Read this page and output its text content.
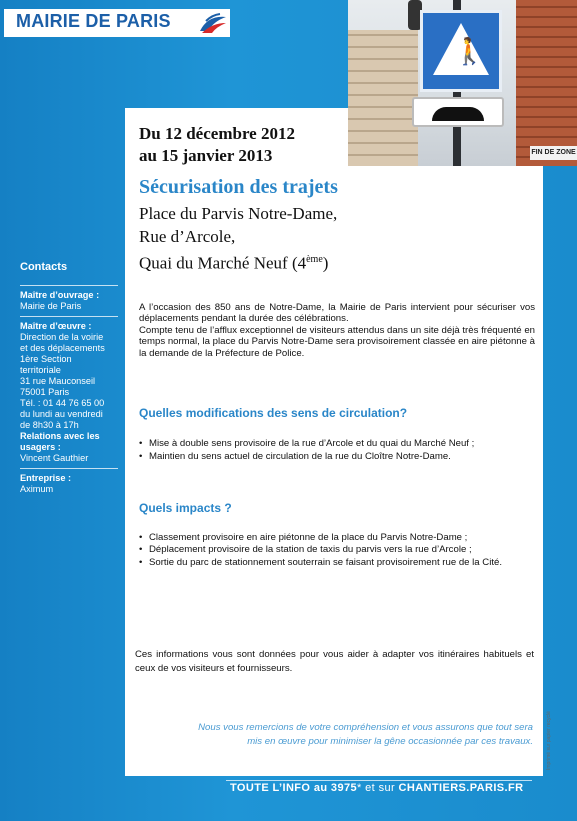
🚶
FIN DE ZONE
MAIRIE DE PARIS
Du 12 décembre 2012
au 15 janvier 2013
Sécurisation des trajets
Place du Parvis Notre-Dame,
Rue d’Arcole,
Quai du Marché Neuf (4ème)
Contacts
Maître d’ouvrage :
Mairie de Paris
Maître d’œuvre :
Direction de la voirie
et des déplacements
1ère Section
territoriale
31 rue Mauconseil
75001 Paris
Tél. : 01 44 76 65 00
du lundi au vendredi
de 8h30 à 17h
Relations avec les
usagers :
Vincent Gauthier
Entreprise :
Aximum
A l’occasion des 850 ans de Notre-Dame, la Mairie de Paris intervient pour sécuriser vos déplacements pendant la durée des célébrations.
Compte tenu de l’afflux exceptionnel de visiteurs attendus dans un site déjà très fréquenté en temps normal, la place du Parvis Notre-Dame sera provisoirement classée en aire piétonne à la demande de la Préfecture de Police.
Quelles modifications des sens de circulation?
• Mise à double sens provisoire de la rue d’Arcole et du quai du Marché Neuf ;
• Maintien du sens actuel de circulation de la rue du Cloître Notre-Dame.
Quels impacts ?
• Classement provisoire en aire piétonne de la place du Parvis Notre-Dame ;
• Déplacement provisoire de la station de taxis du parvis vers la rue d’Arcole ;
• Sortie du parc de stationnement souterrain se faisant provisoirement rue de la Cité.
Ces informations vous sont données pour vous aider à adapter vos itinéraires habituels et ceux de vos visiteurs et fournisseurs.
Nous vous remercions de votre compréhension et vous assurons que tout sera mis en œuvre pour minimiser la gêne occasionnée par ces travaux.	Imprimé sur papier recyclé
TOUTE L’INFO au 3975* et sur CHANTIERS.PARIS.FR
